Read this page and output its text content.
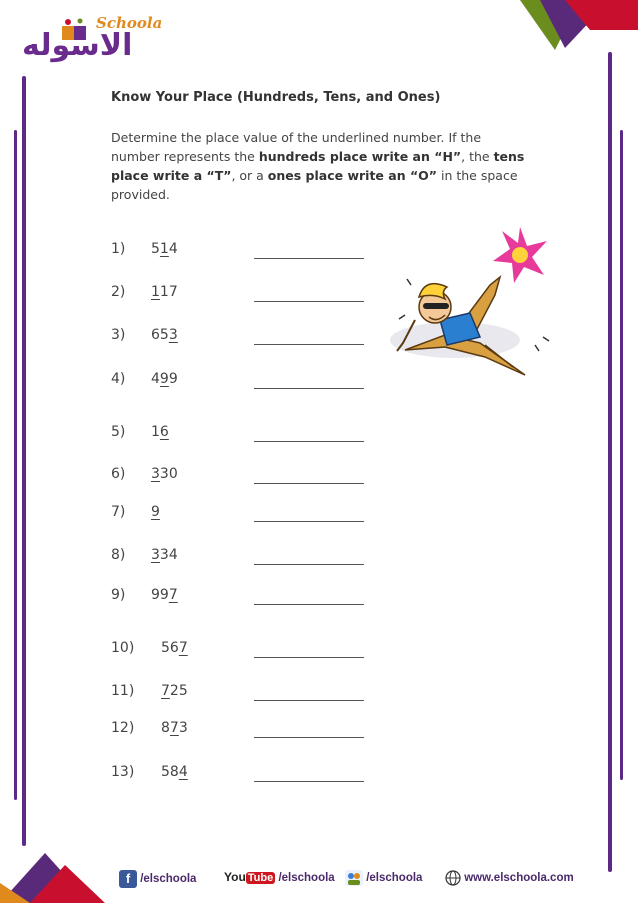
Schoola
الاسوله
Know Your Place (Hundreds, Tens, and Ones)
Determine the place value of the underlined number. If the number represents the hundreds place write an “H”, the tens place write a “T”, or a ones place write an “O” in the space provided.
1) 514
2) 117
3) 653
4) 499
5) 16
6) 330
7) 9
8) 334
9) 997
10) 567
11) 725
12) 873
13) 584
f /elschoola You Tube /elschoola	/elschoola	www.elschoola.com
